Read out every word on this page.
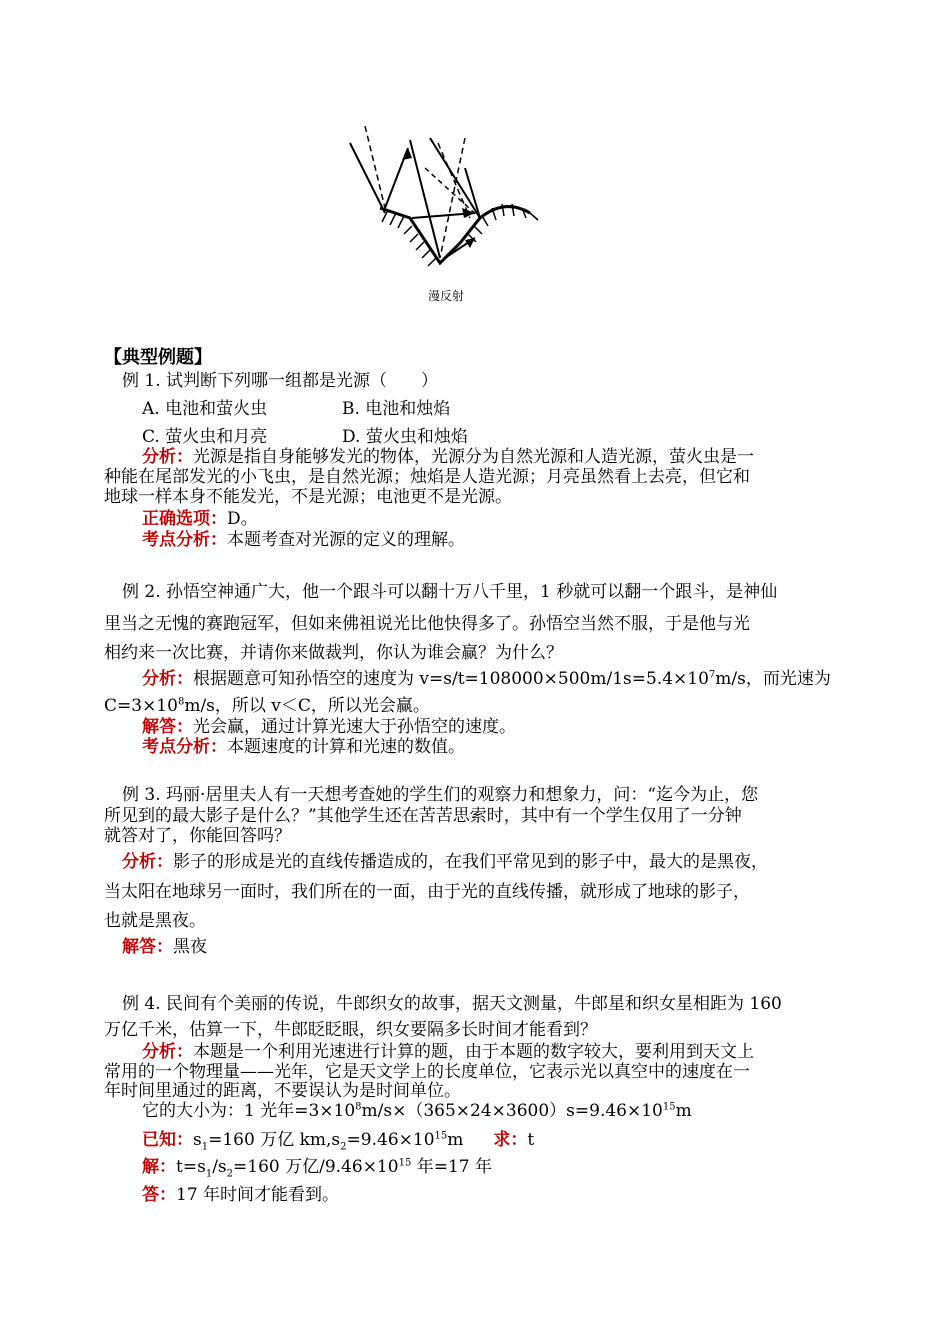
漫反射
【典型例题】
例 1. 试判断下列哪一组都是光源（　　）
A. 电池和萤火虫	B. 电池和烛焰
C. 萤火虫和月亮	D. 萤火虫和烛焰
分析：光源是指自身能够发光的物体，光源分为自然光源和人造光源，萤火虫是一
种能在尾部发光的小飞虫，是自然光源；烛焰是人造光源；月亮虽然看上去亮，但它和
地球一样本身不能发光，不是光源；电池更不是光源。
正确选项：D。
考点分析：本题考查对光源的定义的理解。
例 2. 孙悟空神通广大，他一个跟斗可以翻十万八千里，1 秒就可以翻一个跟斗，是神仙
里当之无愧的赛跑冠军，但如来佛祖说光比他快得多了。孙悟空当然不服，于是他与光
相约来一次比赛，并请你来做裁判，你认为谁会赢？为什么？
分析：根据题意可知孙悟空的速度为 $v=s/t=108000\times 500m/1s=5.4\times 10^7m/s$，而光速为
$C=3\times 10^8m/s$，所以 v＜C，所以光会赢。
解答：光会赢，通过计算光速大于孙悟空的速度。
考点分析：本题速度的计算和光速的数值。
例 3. 玛丽·居里夫人有一天想考查她的学生们的观察力和想象力，问：“迄今为止，您
所见到的最大影子是什么？”其他学生还在苦苦思索时，其中有一个学生仅用了一分钟
就答对了，你能回答吗？
分析：影子的形成是光的直线传播造成的，在我们平常见到的影子中，最大的是黑夜，
当太阳在地球另一面时，我们所在的一面，由于光的直线传播，就形成了地球的影子，
也就是黑夜。
解答：黑夜
例 4. 民间有个美丽的传说，牛郎织女的故事，据天文测量，牛郎星和织女星相距为 160
万亿千米，估算一下，牛郎眨眨眼，织女要隔多长时间才能看到？
分析：本题是一个利用光速进行计算的题，由于本题的数字较大，要利用到天文上
常用的一个物理量——光年，它是天文学上的长度单位，它表示光以真空中的速度在一
年时间里通过的距离，不要误认为是时间单位。
它的大小为：1 光年$=3\times 10^8m/s\times(365\times 24\times 3600)s=9.46\times 10^{15}m$
已知：$s_1=160$ 万亿 $km,s_2=9.46\times 10^{15}m$ 求：t
解：$t=s_1/s_2=160$ 万亿$/9.46\times 10^{15}$ 年=17 年
答：17 年时间才能看到。
